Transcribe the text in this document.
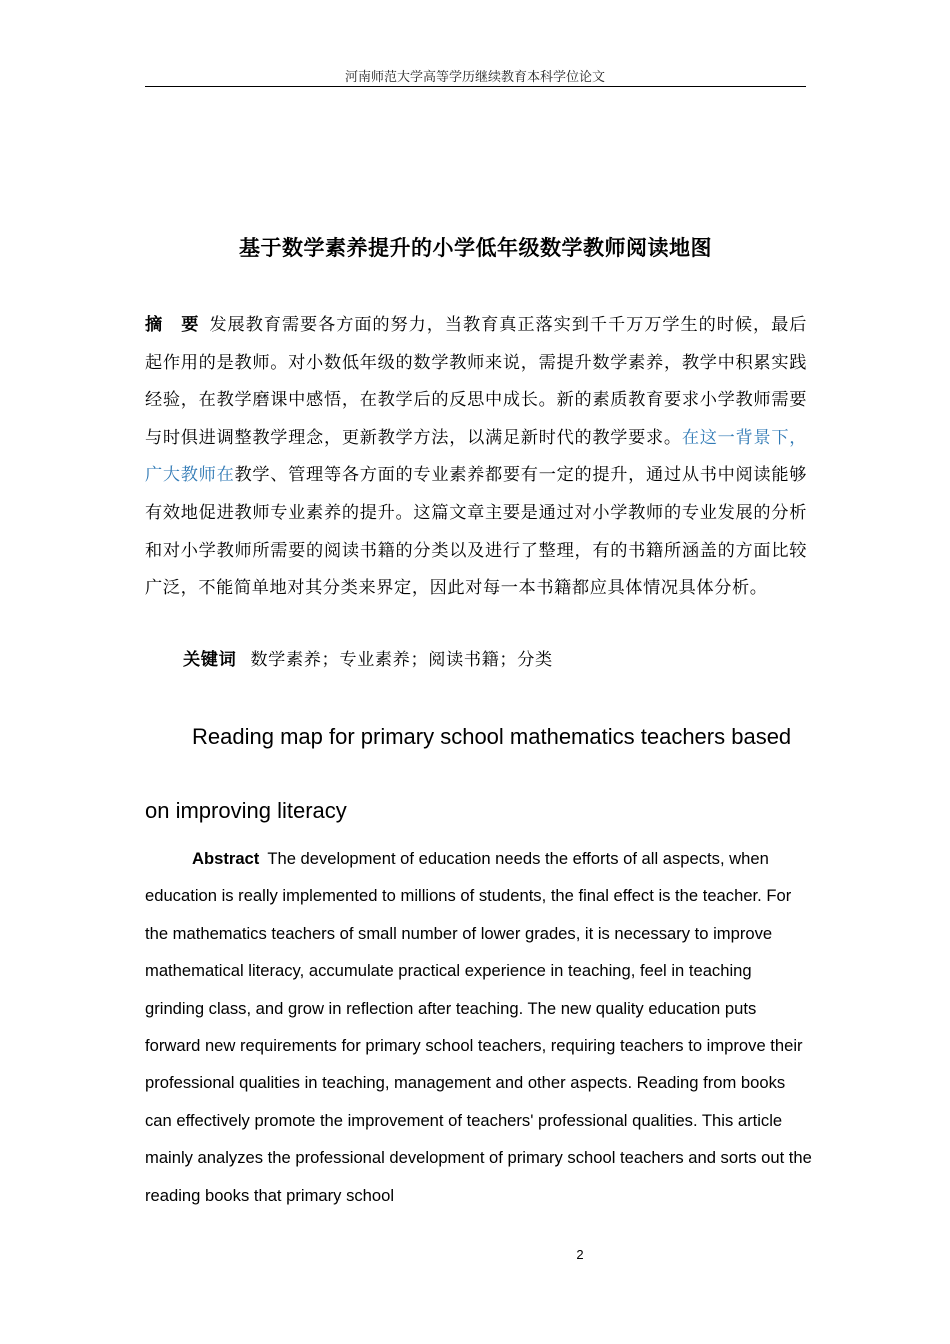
河南师范大学高等学历继续教育本科学位论文
基于数学素养提升的小学低年级数学教师阅读地图
摘　要 发展教育需要各方面的努力，当教育真正落实到千千万万学生的时候，最后起作用的是教师。对小数低年级的数学教师来说，需提升数学素养，教学中积累实践经验，在教学磨课中感悟，在教学后的反思中成长。新的素质教育要求小学教师需要与时俱进调整教学理念，更新教学方法，以满足新时代的教学要求。在这一背景下，广大教师在教学、管理等各方面的专业素养都要有一定的提升，通过从书中阅读能够有效地促进教师专业素养的提升。这篇文章主要是通过对小学教师的专业发展的分析和对小学教师所需要的阅读书籍的分类以及进行了整理，有的书籍所涵盖的方面比较广泛，不能简单地对其分类来界定，因此对每一本书籍都应具体情况具体分析。
关键词 数学素养；专业素养；阅读书籍；分类
Reading map for primary school mathematics teachers based
on improving literacy
Abstract The development of education needs the efforts of all aspects, when education is really implemented to millions of students, the final effect is the teacher. For the mathematics teachers of small number of lower grades, it is necessary to improve mathematical literacy, accumulate practical experience in teaching, feel in teaching grinding class, and grow in reflection after teaching. The new quality education puts forward new requirements for primary school teachers, requiring teachers to improve their professional qualities in teaching, management and other aspects. Reading from books can effectively promote the improvement of teachers' professional qualities. This article mainly analyzes the professional development of primary school teachers and sorts out the reading books that primary school
2
